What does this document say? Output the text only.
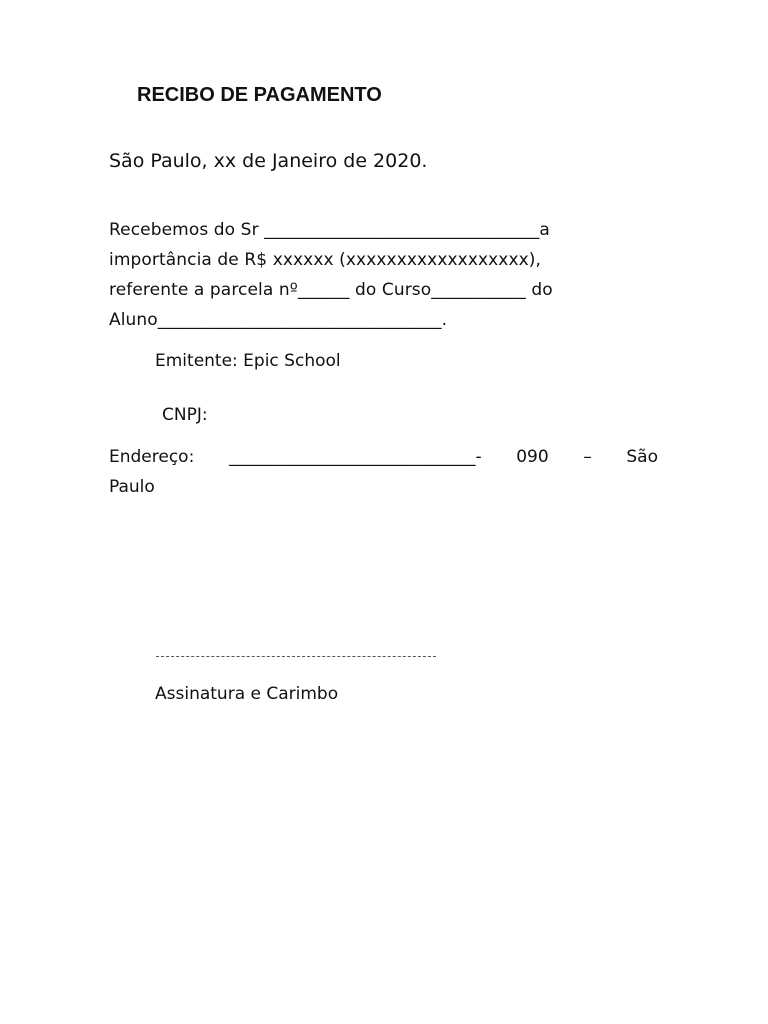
RECIBO DE PAGAMENTO
São Paulo, xx de Janeiro de 2020.
Recebemos do Sr ________________________________a
importância de R$ xxxxxx (xxxxxxxxxxxxxxxxxx),
referente a parcela nº______ do Curso___________ do
Aluno_________________________________.
Emitente: Epic School
CNPJ:
Endereço: _____________________________- 090 – São
Paulo
Assinatura e Carimbo
